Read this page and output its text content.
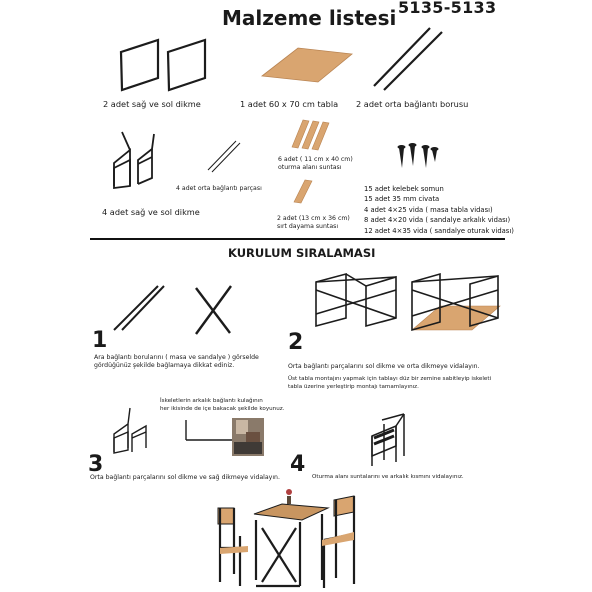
Malzeme listesi 5135-5133
2 adet sağ ve sol dikme	1 adet 60 x 70 cm tabla 2 adet orta bağlantı borusu
4 adet sağ ve sol dikme
4 adet orta bağlantı parçası
6 adet ( 11 cm x 40 cm)
oturma alanı suntası
2 adet (13 cm x 36 cm)
sırt dayama suntası
15 adet kelebek somun
15 adet 35 mm civata
4 adet 4×25 vida ( masa tabla vidası)
8 adet 4×20 vida ( sandalye arkalık vidası)
12 adet 4×35 vida ( sandalye oturak vidası)
KURULUM SIRALAMASI
1
Ara bağlantı borularını ( masa ve sandalye ) görselde
gördüğünüz şekilde bağlamaya dikkat ediniz.
2
Orta bağlantı parçalarını sol dikme ve orta dikmeye vidalayın.
Üst tabla montajını yapmak için tablayı düz bir zemine sabitleyip iskeleti
tabla üzerine yerleştirip montajı tamamlayınız.
İskeletlerin arkalık bağlantı kulağının
her ikisinde de içe bakacak şekilde koyunuz.
3
Orta bağlantı parçalarını sol dikme ve sağ dikmeye vidalayın.
4 Oturma alanı suntalarını ve arkalık kısmını vidalayınız.
